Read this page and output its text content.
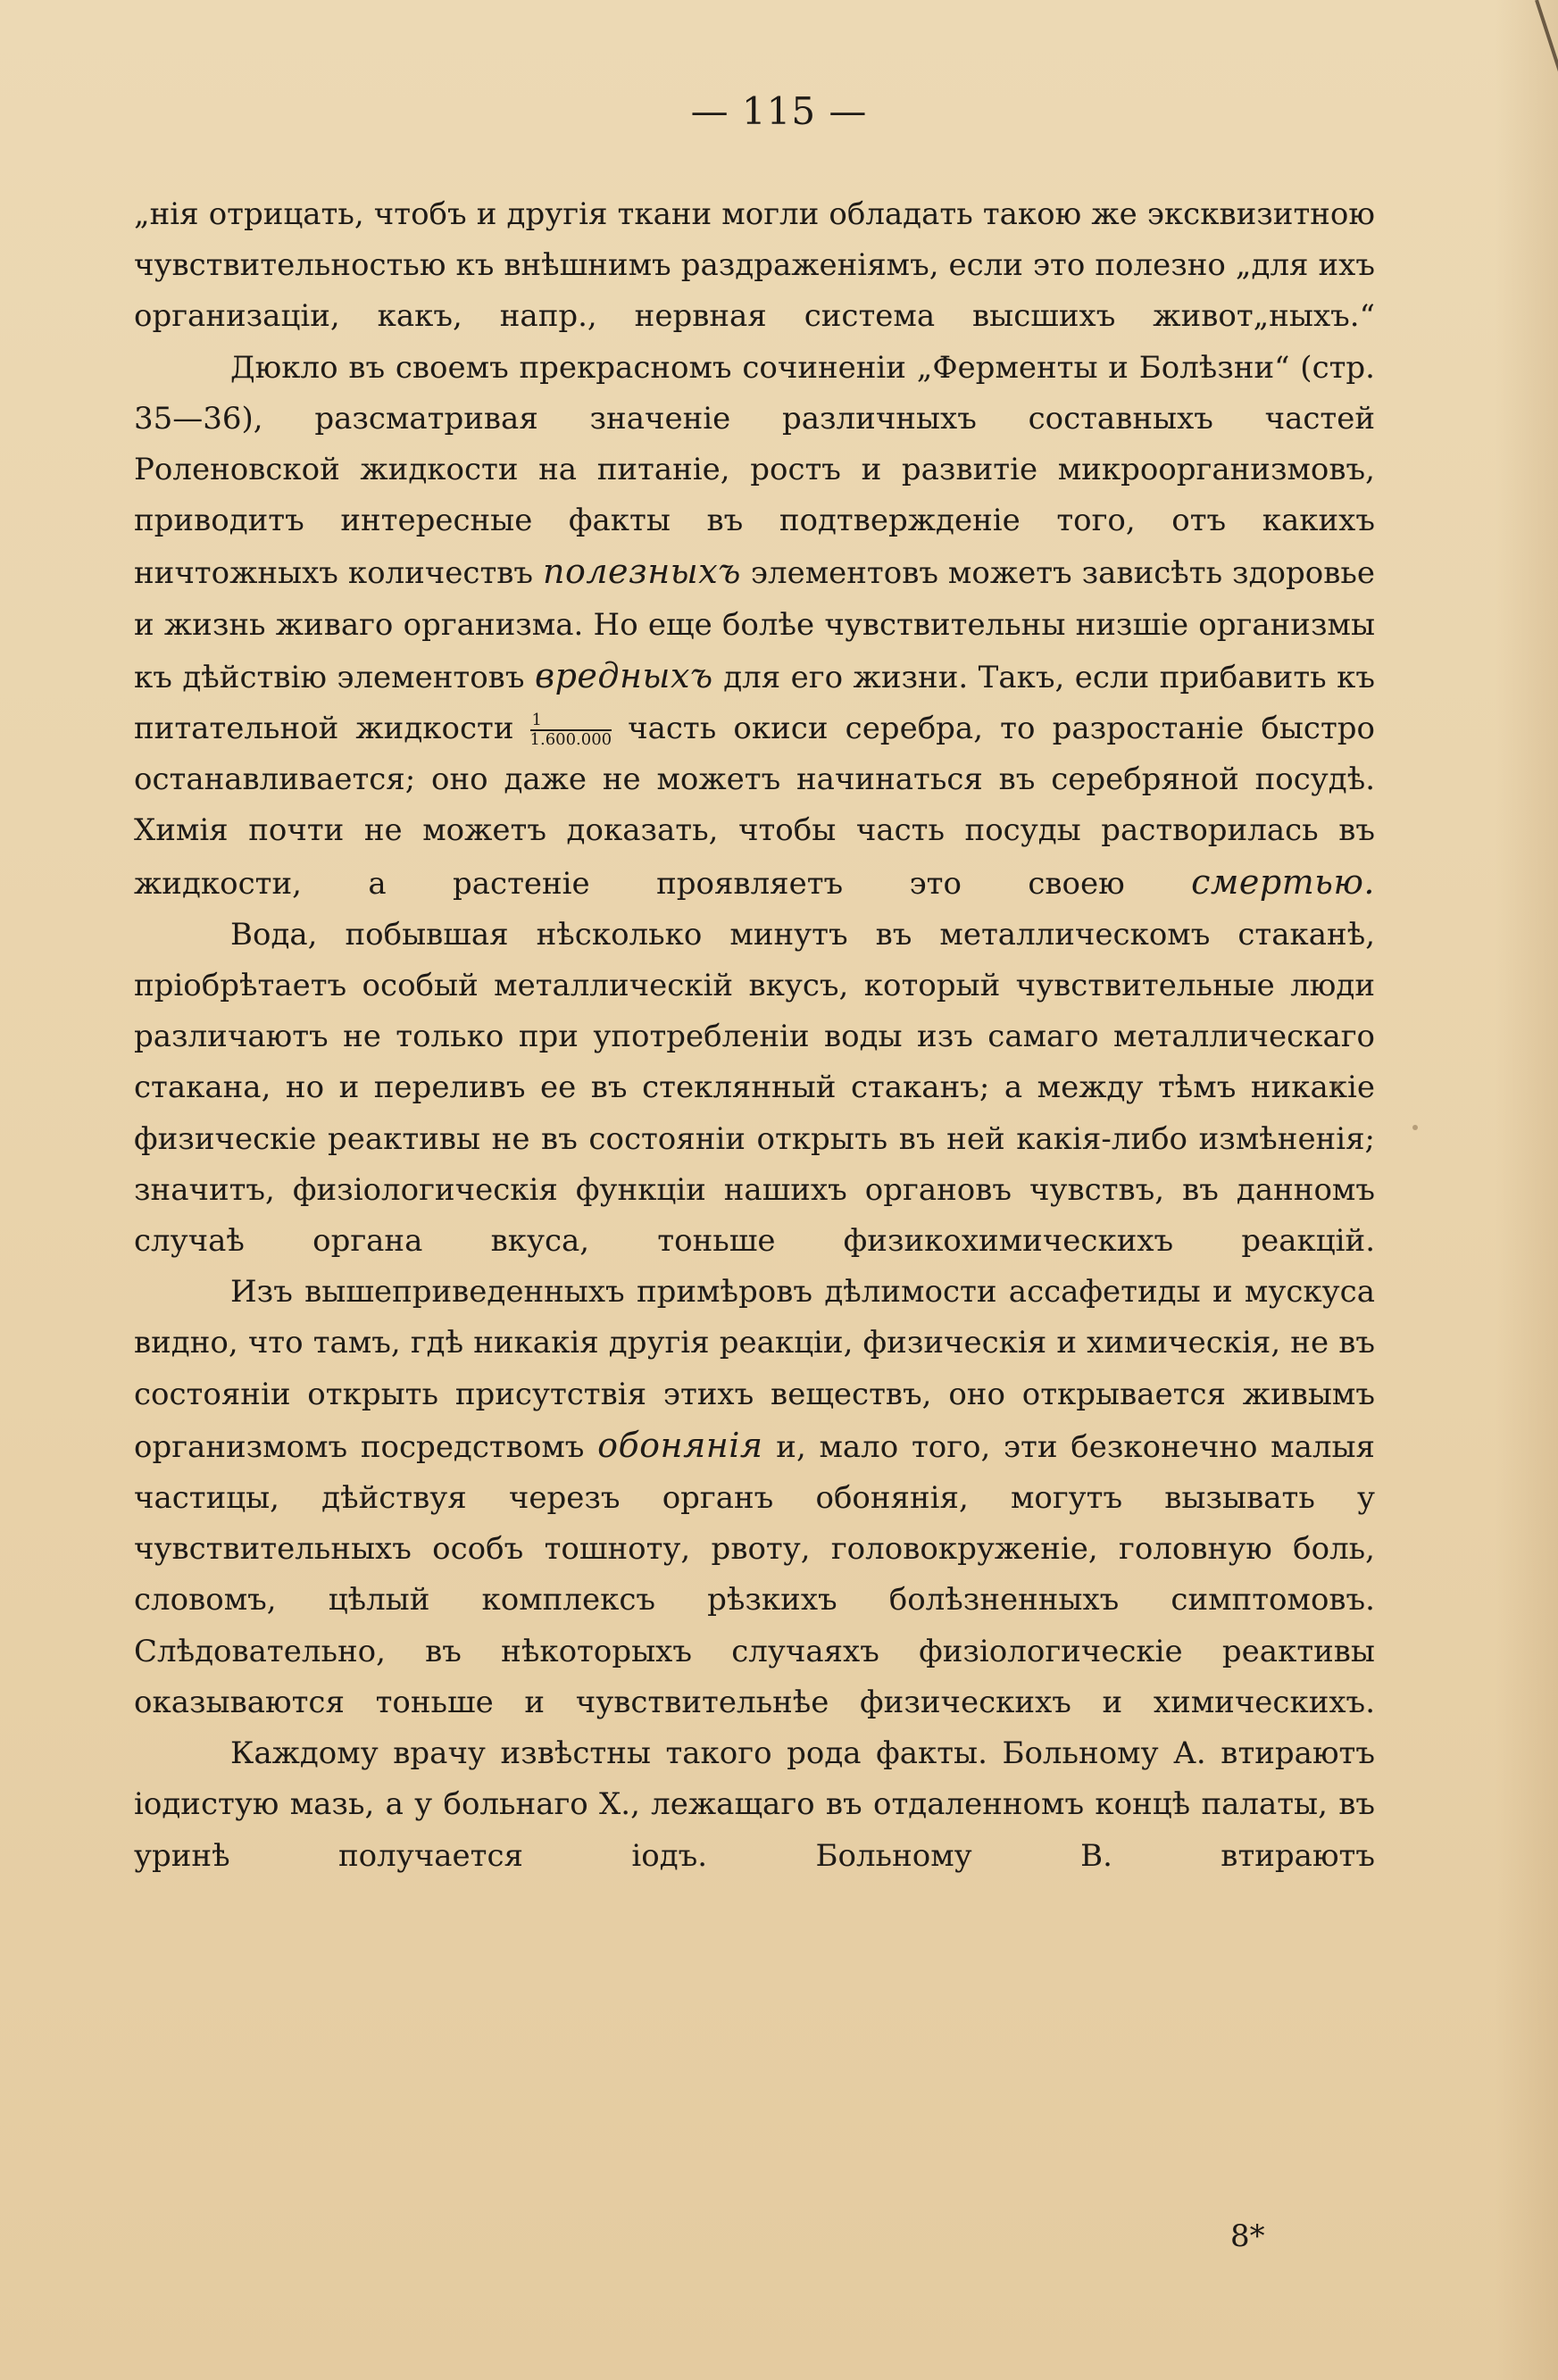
— 115 —

„нія отрицать, чтобъ и другія ткани могли обладать такою же эксквизитною чувствительностью къ внѣшнимъ раздраженіямъ, если это полезно „для ихъ организаціи, какъ, напр., нервная система высшихъ живот„ныхъ.“

Дюкло въ своемъ прекрасномъ сочиненіи „Ферменты и Болѣзни“ (стр. 35—36), разсматривая значеніе различныхъ составныхъ частей Роленовской жидкости на питаніе, ростъ и развитіе микроорганизмовъ, приводитъ интересные факты въ подтвержденіе того, отъ какихъ ничтожныхъ количествъ полезныхъ элементовъ можетъ зависѣть здоровье и жизнь живаго организма. Но еще болѣе чувствительны низшіе организмы къ дѣйствію элементовъ вредныхъ для его жизни. Такъ, если прибавить къ питательной жидкости $\frac{1}{1.600.000}$ часть окиси серебра, то разростаніе быстро останавливается; оно даже не можетъ начинаться въ серебряной посудѣ. Химія почти не можетъ доказать, чтобы часть посуды растворилась въ жидкости, а растеніе проявляетъ это своею смертью.

Вода, побывшая нѣсколько минутъ въ металлическомъ стаканѣ, пріобрѣтаетъ особый металлическій вкусъ, который чувствительные люди различаютъ не только при употребленіи воды изъ самаго металлическаго стакана, но и переливъ ее въ стеклянный стаканъ; а между тѣмъ никакіе физическіе реактивы не въ состояніи открыть въ ней какія-либо измѣненія; значитъ, физіологическія функціи нашихъ органовъ чувствъ, въ данномъ случаѣ органа вкуса, тоньше физикохимическихъ реакцій.

Изъ вышеприведенныхъ примѣровъ дѣлимости ассафетиды и мускуса видно, что тамъ, гдѣ никакія другія реакціи, физическія и химическія, не въ состояніи открыть присутствія этихъ веществъ, оно открывается живымъ организмомъ посредствомъ обонянія и, мало того, эти безконечно малыя частицы, дѣйствуя черезъ органъ обонянія, могутъ вызывать у чувствительныхъ особъ тошноту, рвоту, головокруженіе, головную боль, словомъ, цѣлый комплексъ рѣзкихъ болѣзненныхъ симптомовъ. Слѣдовательно, въ нѣкоторыхъ случаяхъ физіологическіе реактивы оказываются тоньше и чувствительнѣе физическихъ и химическихъ.

Каждому врачу извѣстны такого рода факты. Больному А. втираютъ іодистую мазь, а у больнаго Х., лежащаго въ отдаленномъ концѣ палаты, въ уринѣ получается іодъ. Больному В. втираютъ

8*
